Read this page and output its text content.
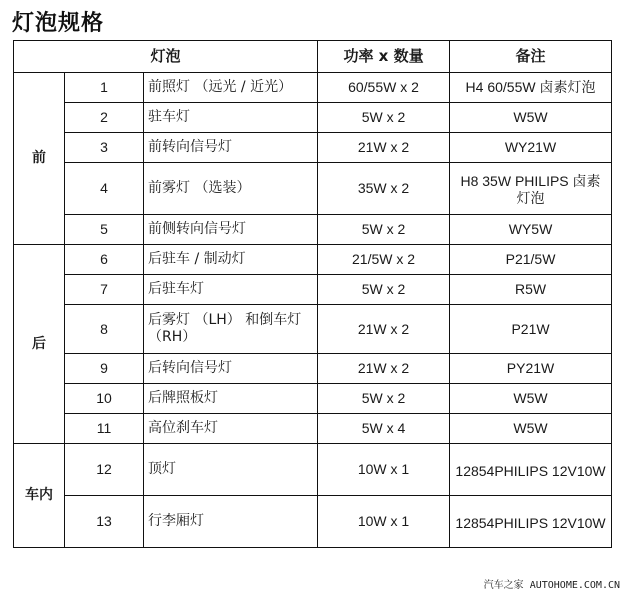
灯泡规格
灯泡			功率 x 数量	备注
前	1	前照灯 （远光 / 近光）	60/55W x 2	H4 60/55W 卤素灯泡
	2	驻车灯	5W x 2	W5W
	3	前转向信号灯	21W x 2	WY21W
	4	前雾灯 （选装）	35W x 2	H8 35W PHILIPS 卤素灯泡
	5	前侧转向信号灯	5W x 2	WY5W
后	6	后驻车 / 制动灯	21/5W x 2	P21/5W
	7	后驻车灯	5W x 2	R5W
	8	后雾灯 （LH） 和倒车灯 （RH）	21W x 2	P21W
	9	后转向信号灯	21W x 2	PY21W
	10	后牌照板灯	5W x 2	W5W
	11	高位刹车灯	5W x 4	W5W
车内	12	顶灯	10W x 1	12854PHILIPS 12V10W
	13	行李厢灯	10W x 1	12854PHILIPS 12V10W
汽车之家 AUTOHOME.COM.CN
